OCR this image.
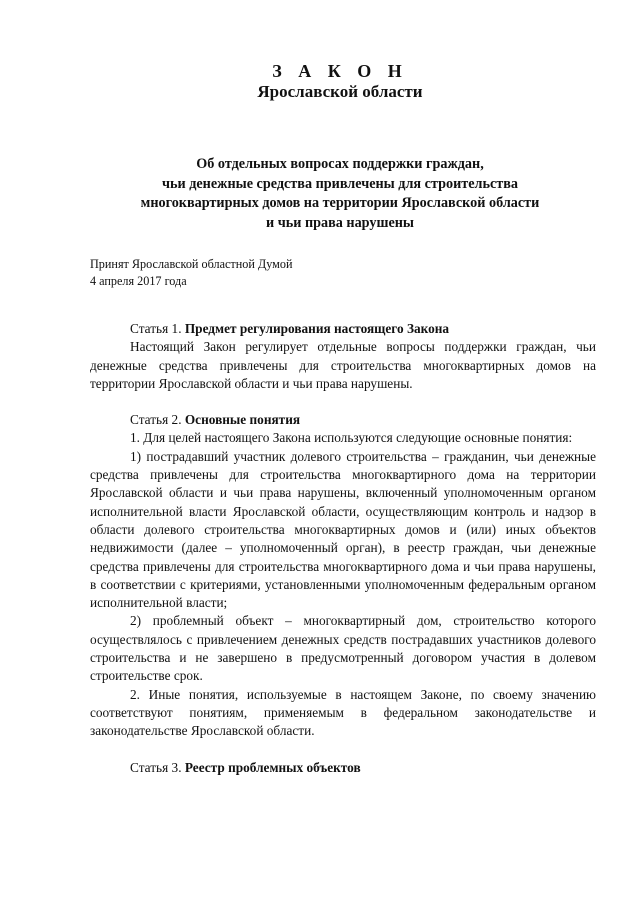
З А К О Н
Ярославской области
Об отдельных вопросах поддержки граждан,
чьи денежные средства привлечены для строительства
многоквартирных домов на территории Ярославской области
и чьи права нарушены
Принят Ярославской областной Думой
4 апреля 2017 года

Статья 1. Предмет регулирования настоящего Закона

Настоящий Закон регулирует отдельные вопросы поддержки граждан, чьи денежные средства привлечены для строительства многоквартирных домов на территории Ярославской области и чьи права нарушены.

Статья 2. Основные понятия

1. Для целей настоящего Закона используются следующие основные понятия:

1) пострадавший участник долевого строительства – гражданин, чьи денежные средства привлечены для строительства многоквартирного дома на территории Ярославской области и чьи права нарушены, включенный уполномоченным органом исполнительной власти Ярославской области, осуществляющим контроль и надзор в области долевого строительства многоквартирных домов и (или) иных объектов недвижимости (далее – уполномоченный орган), в реестр граждан, чьи денежные средства привлечены для строительства многоквартирного дома и чьи права нарушены, в соответствии с критериями, установленными уполномоченным федеральным органом исполнительной власти;

2) проблемный объект – многоквартирный дом, строительство которого осуществлялось с привлечением денежных средств пострадавших участников долевого строительства и не завершено в предусмотренный договором участия в долевом строительстве срок.

2. Иные понятия, используемые в настоящем Законе, по своему значению соответствуют понятиям, применяемым в федеральном законодательстве и законодательстве Ярославской области.

Статья 3. Реестр проблемных объектов
